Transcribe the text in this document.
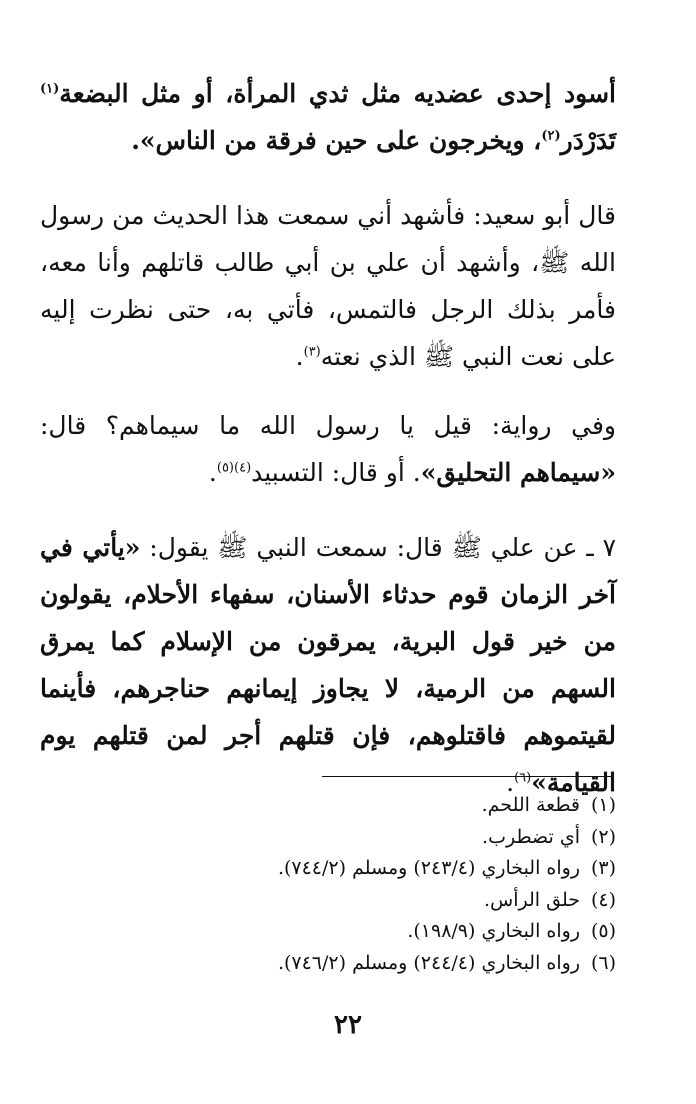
أسود إحدى عضديه مثل ثدي المرأة، أو مثل البضعة$^{(١)}$ تَدَرْدَر$^{(٢)}$، ويخرجون على حين فرقة من الناس».

قال أبو سعيد: فأشهد أني سمعت هذا الحديث من رسول الله ﷺ، وأشهد أن علي بن أبي طالب قاتلهم وأنا معه، فأمر بذلك الرجل فالتمس، فأتي به، حتى نظرت إليه على نعت النبي ﷺ الذي نعته$^{(٣)}$.

وفي رواية: قيل يا رسول الله ما سيماهم؟ قال: «سيماهم التحليق». أو قال: التسبيد$^{(٤)(٥)}$.

٧ ـ عن علي ﷺ قال: سمعت النبي ﷺ يقول: «يأتي في آخر الزمان قوم حدثاء الأسنان، سفهاء الأحلام، يقولون من خير قول البرية، يمرقون من الإسلام كما يمرق السهم من الرمية، لا يجاوز إيمانهم حناجرهم، فأينما لقيتموهم فاقتلوهم، فإن قتلهم أجر لمن قتلهم يوم القيامة»$^{(٦)}$.

(١)قطعة اللحم.
(٢)أي تضطرب.
(٣)رواه البخاري (٢٤٣/٤) ومسلم (٧٤٤/٢).
(٤)حلق الرأس.
(٥)رواه البخاري (١٩٨/٩).
(٦)رواه البخاري (٢٤٤/٤) ومسلم (٧٤٦/٢).
٢٢
